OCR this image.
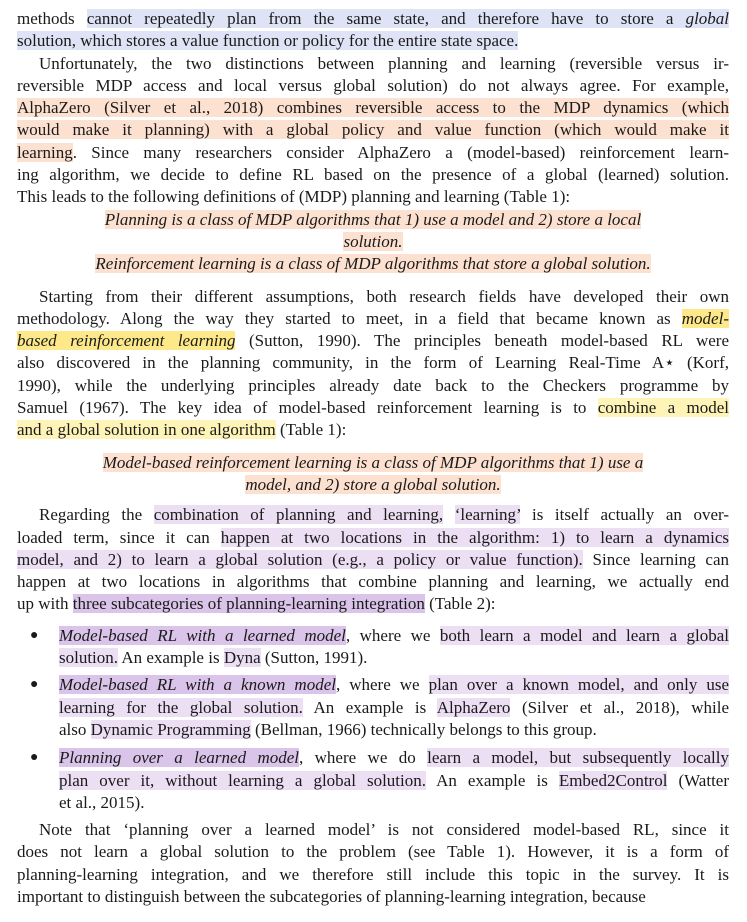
methods cannot repeatedly plan from the same state, and therefore have to store a global
solution, which stores a value function or policy for the entire state space.
Unfortunately, the two distinctions between planning and learning (reversible versus ir-
reversible MDP access and local versus global solution) do not always agree. For example,
AlphaZero (Silver et al., 2018) combines reversible access to the MDP dynamics (which
would make it planning) with a global policy and value function (which would make it
learning. Since many researchers consider AlphaZero a (model-based) reinforcement learn-
ing algorithm, we decide to define RL based on the presence of a global (learned) solution.
This leads to the following definitions of (MDP) planning and learning (Table 1):
Planning is a class of MDP algorithms that 1) use a model and 2) store a local
solution.
Reinforcement learning is a class of MDP algorithms that store a global solution.
Starting from their different assumptions, both research fields have developed their own
methodology. Along the way they started to meet, in a field that became known as model-
based reinforcement learning (Sutton, 1990). The principles beneath model-based RL were
also discovered in the planning community, in the form of Learning Real-Time A⋆ (Korf,
1990), while the underlying principles already date back to the Checkers programme by
Samuel (1967). The key idea of model-based reinforcement learning is to combine a model
and a global solution in one algorithm (Table 1):
Model-based reinforcement learning is a class of MDP algorithms that 1) use a
model, and 2) store a global solution.
Regarding the combination of planning and learning, ‘learning’ is itself actually an over-
loaded term, since it can happen at two locations in the algorithm: 1) to learn a dynamics
model, and 2) to learn a global solution (e.g., a policy or value function). Since learning can
happen at two locations in algorithms that combine planning and learning, we actually end
up with three subcategories of planning-learning integration (Table 2):
● Model-based RL with a learned model, where we both learn a model and learn a global
solution. An example is Dyna (Sutton, 1991).
● Model-based RL with a known model, where we plan over a known model, and only use
learning for the global solution. An example is AlphaZero (Silver et al., 2018), while
also Dynamic Programming (Bellman, 1966) technically belongs to this group.
● Planning over a learned model, where we do learn a model, but subsequently locally
plan over it, without learning a global solution. An example is Embed2Control (Watter
et al., 2015).
Note that ‘planning over a learned model’ is not considered model-based RL, since it
does not learn a global solution to the problem (see Table 1). However, it is a form of
planning-learning integration, and we therefore still include this topic in the survey. It is
important to distinguish between the subcategories of planning-learning integration, because
